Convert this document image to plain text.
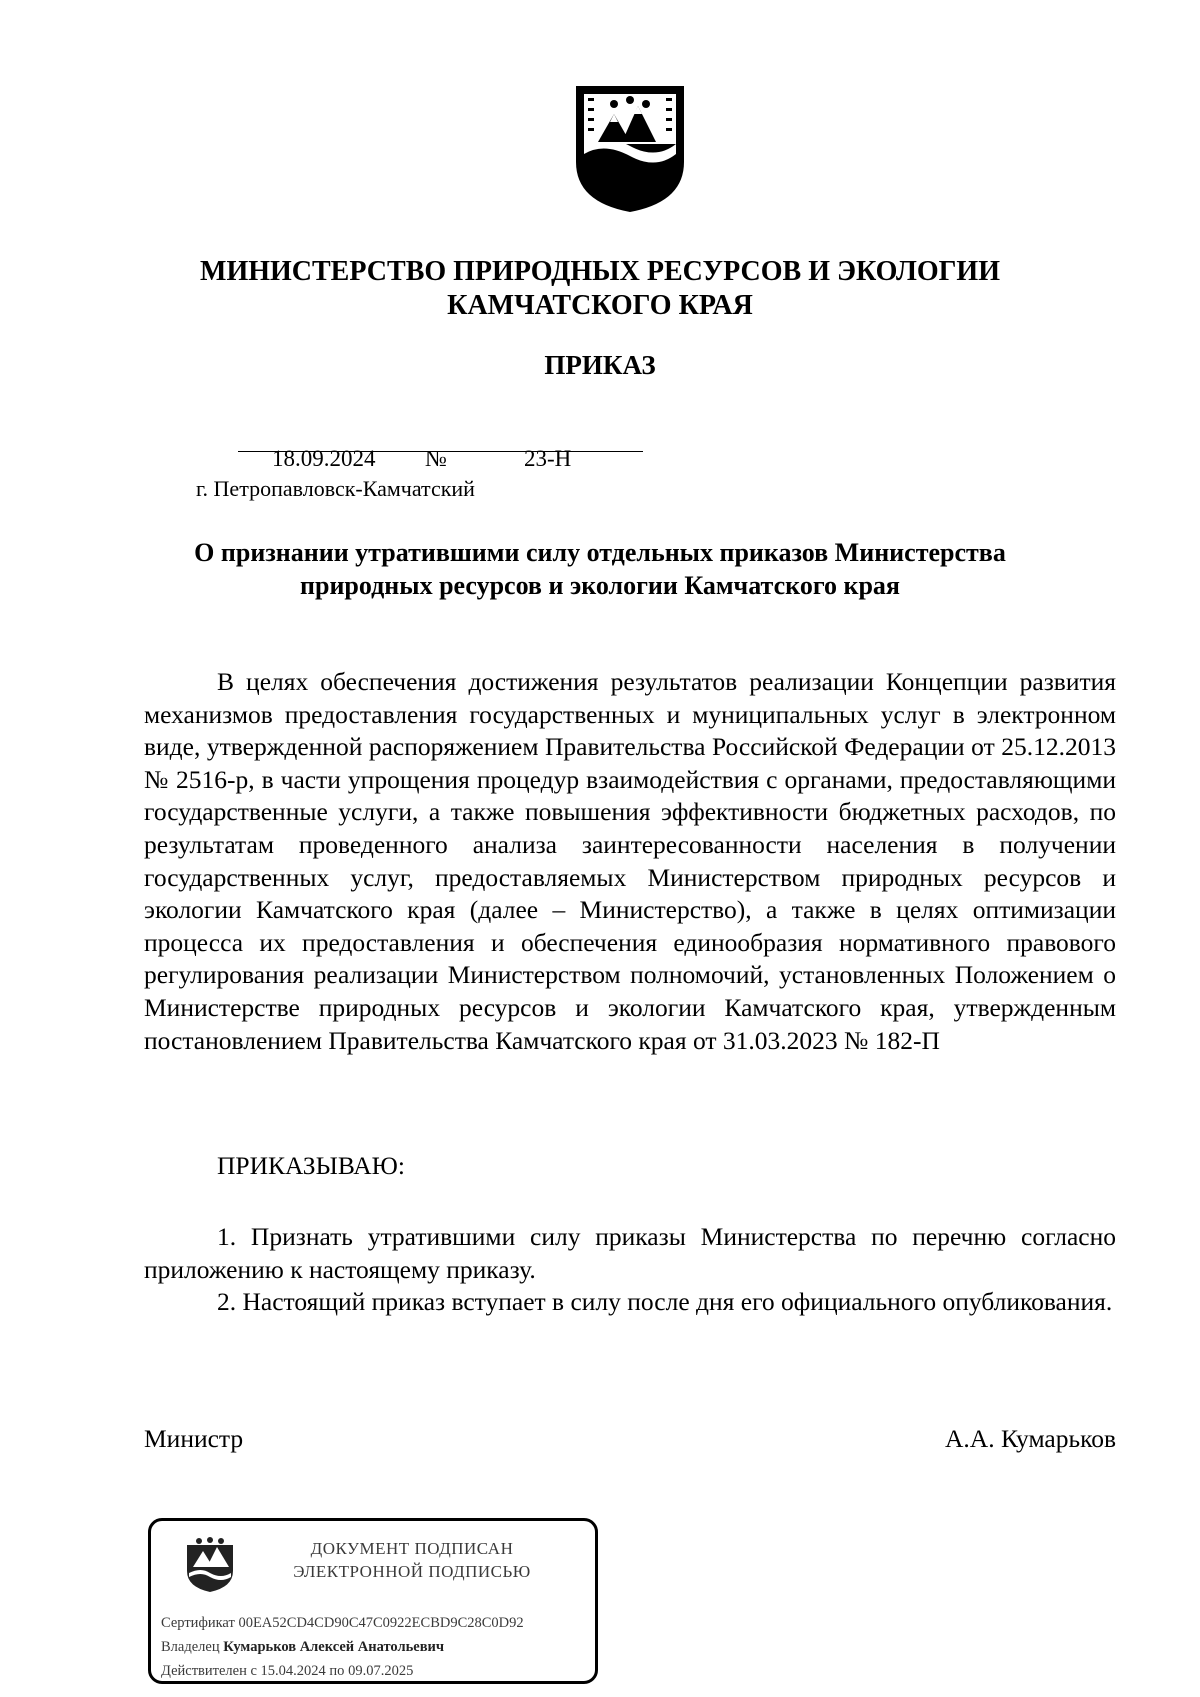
МИНИСТЕРСТВО ПРИРОДНЫХ РЕСУРСОВ И ЭКОЛОГИИ
КАМЧАТСКОГО КРАЯ
ПРИКАЗ
18.09.2024 №	23-Н
г. Петропавловск-Камчатский
О признании утратившими силу отдельных приказов Министерства
природных ресурсов и экологии Камчатского края

В целях обеспечения достижения результатов реализации Концепции развития механизмов предоставления государственных и муниципальных услуг в электронном виде, утвержденной распоряжением Правительства Российской Федерации от 25.12.2013 № 2516-р, в части упрощения процедур взаимодействия с органами, предоставляющими государственные услуги, а также повышения эффективности бюджетных расходов, по результатам проведенного анализа заинтересованности населения в получении государственных услуг, предоставляемых Министерством природных ресурсов и экологии Камчатского края (далее – Министерство), а также в целях оптимизации процесса их предоставления и обеспечения единообразия нормативного правового регулирования реализации Министерством полномочий, установленных Положением о Министерстве природных ресурсов и экологии Камчатского края, утвержденным постановлением Правительства Камчатского края от 31.03.2023 № 182-П

ПРИКАЗЫВАЮ:

1. Признать утратившими силу приказы Министерства по перечню согласно приложению к настоящему приказу.

2. Настоящий приказ вступает в силу после дня его официального опубликования.

Министр	А.А. Кумарьков
ДОКУМЕНТ ПОДПИСАН
ЭЛЕКТРОННОЙ ПОДПИСЬЮ
Сертификат 00EA52CD4CD90C47C0922ECBD9C28C0D92
Владелец Кумарьков Алексей Анатольевич
Действителен с 15.04.2024 по 09.07.2025
